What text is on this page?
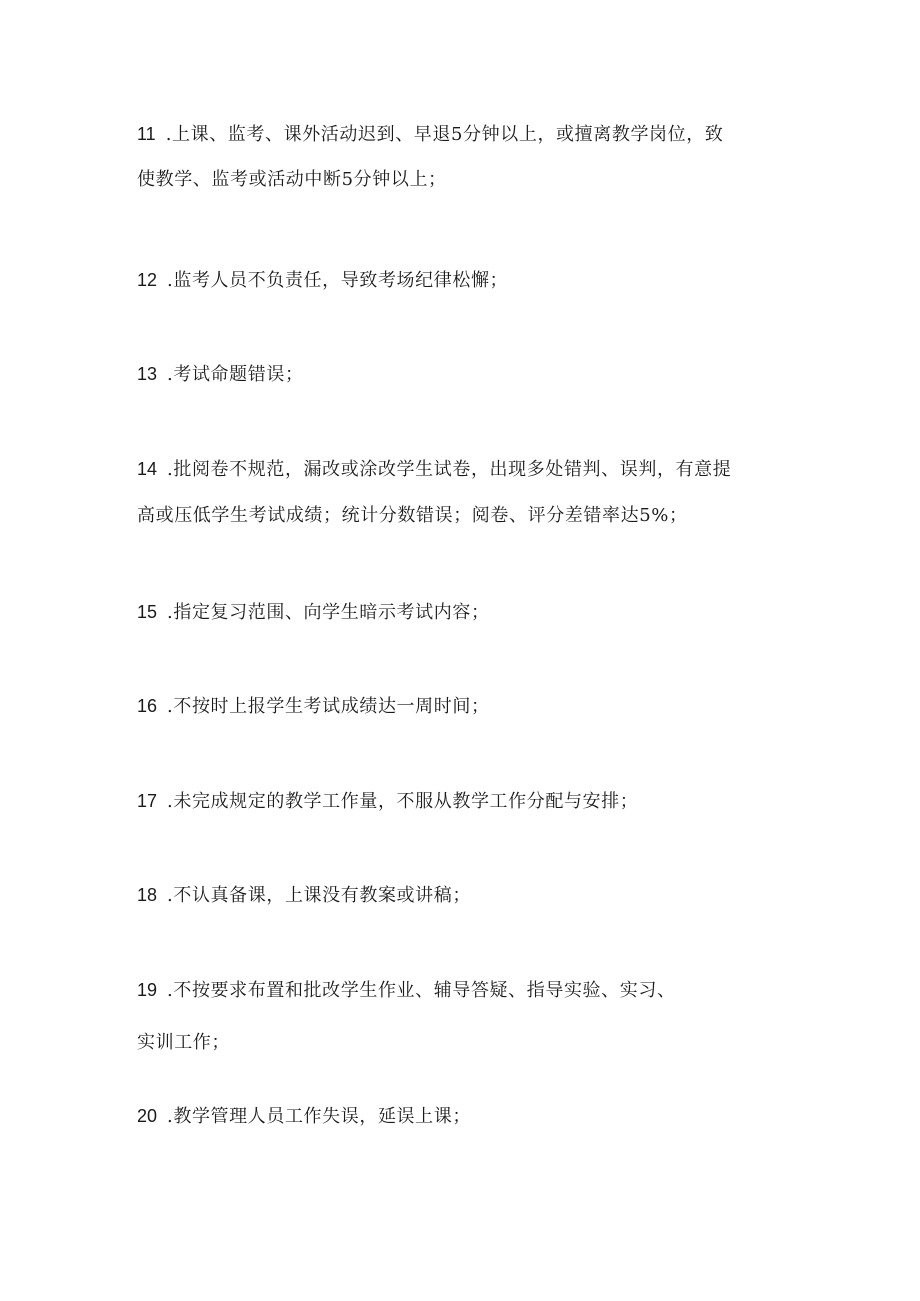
11 .上课、监考、课外活动迟到、早退5分钟以上，或擅离教学岗位，致
使教学、监考或活动中断5分钟以上；
12 .监考人员不负责任，导致考场纪律松懈；
13 .考试命题错误；
14 .批阅卷不规范，漏改或涂改学生试卷，出现多处错判、误判，有意提
高或压低学生考试成绩；统计分数错误；阅卷、评分差错率达5%；
15 .指定复习范围、向学生暗示考试内容；
16 .不按时上报学生考试成绩达一周时间；
17 .未完成规定的教学工作量，不服从教学工作分配与安排；
18 .不认真备课，上课没有教案或讲稿；
19 .不按要求布置和批改学生作业、辅导答疑、指导实验、实习、
实训工作；
20 .教学管理人员工作失误，延误上课；
